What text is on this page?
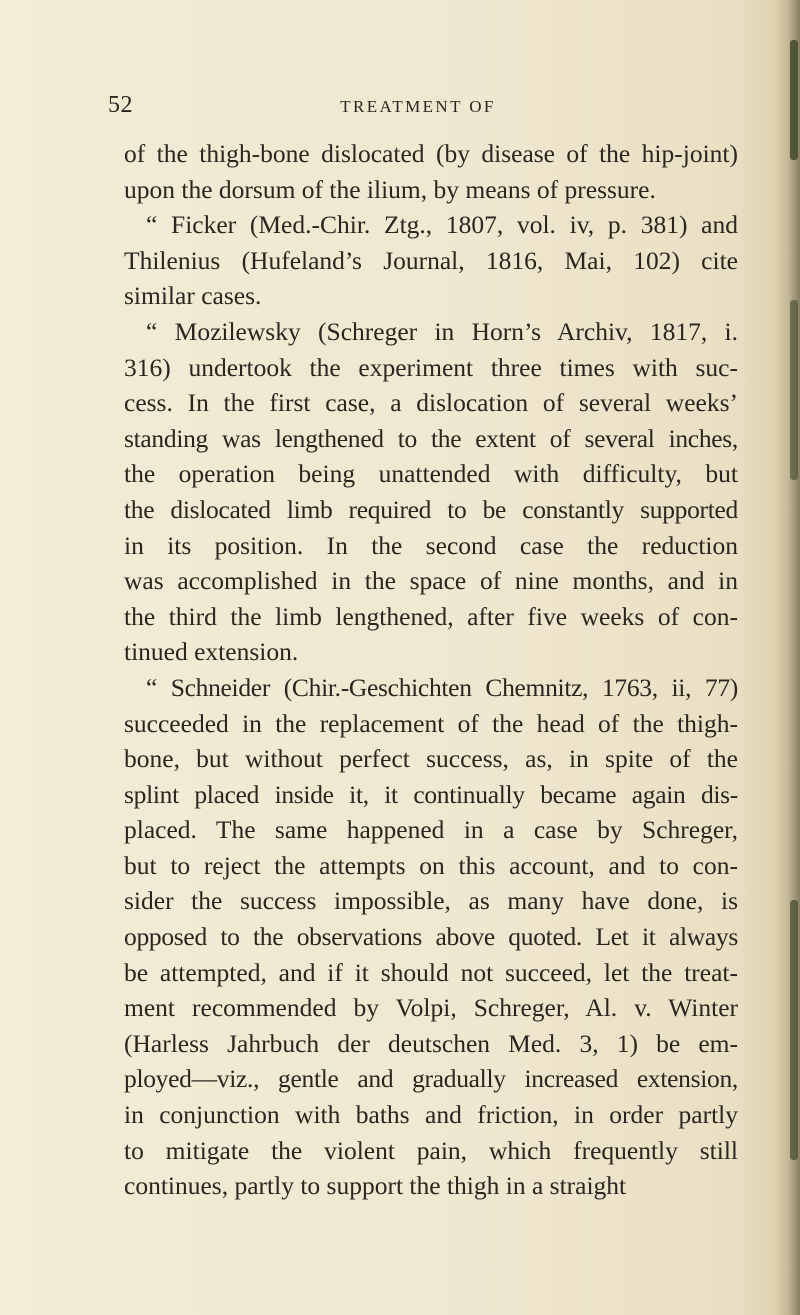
52	TREATMENT OF
of the thigh-bone dislocated (by disease of the hip-joint)
upon the dorsum of the ilium, by means of pressure.
“ Ficker (Med.-Chir. Ztg., 1807, vol. iv, p. 381) and
Thilenius (Hufeland’s Journal, 1816, Mai, 102) cite
similar cases.
“ Mozilewsky (Schreger in Horn’s Archiv, 1817, i.
316) undertook the experiment three times with suc-
cess. In the first case, a dislocation of several weeks’
standing was lengthened to the extent of several inches,
the operation being unattended with difficulty, but
the dislocated limb required to be constantly supported
in its position. In the second case the reduction
was accomplished in the space of nine months, and in
the third the limb lengthened, after five weeks of con-
tinued extension.
“ Schneider (Chir.-Geschichten Chemnitz, 1763, ii, 77)
succeeded in the replacement of the head of the thigh-
bone, but without perfect success, as, in spite of the
splint placed inside it, it continually became again dis-
placed. The same happened in a case by Schreger,
but to reject the attempts on this account, and to con-
sider the success impossible, as many have done, is
opposed to the observations above quoted. Let it always
be attempted, and if it should not succeed, let the treat-
ment recommended by Volpi, Schreger, Al. v. Winter
(Harless Jahrbuch der deutschen Med. 3, 1) be em-
ployed—viz., gentle and gradually increased extension,
in conjunction with baths and friction, in order partly
to mitigate the violent pain, which frequently still
continues, partly to support the thigh in a straight
